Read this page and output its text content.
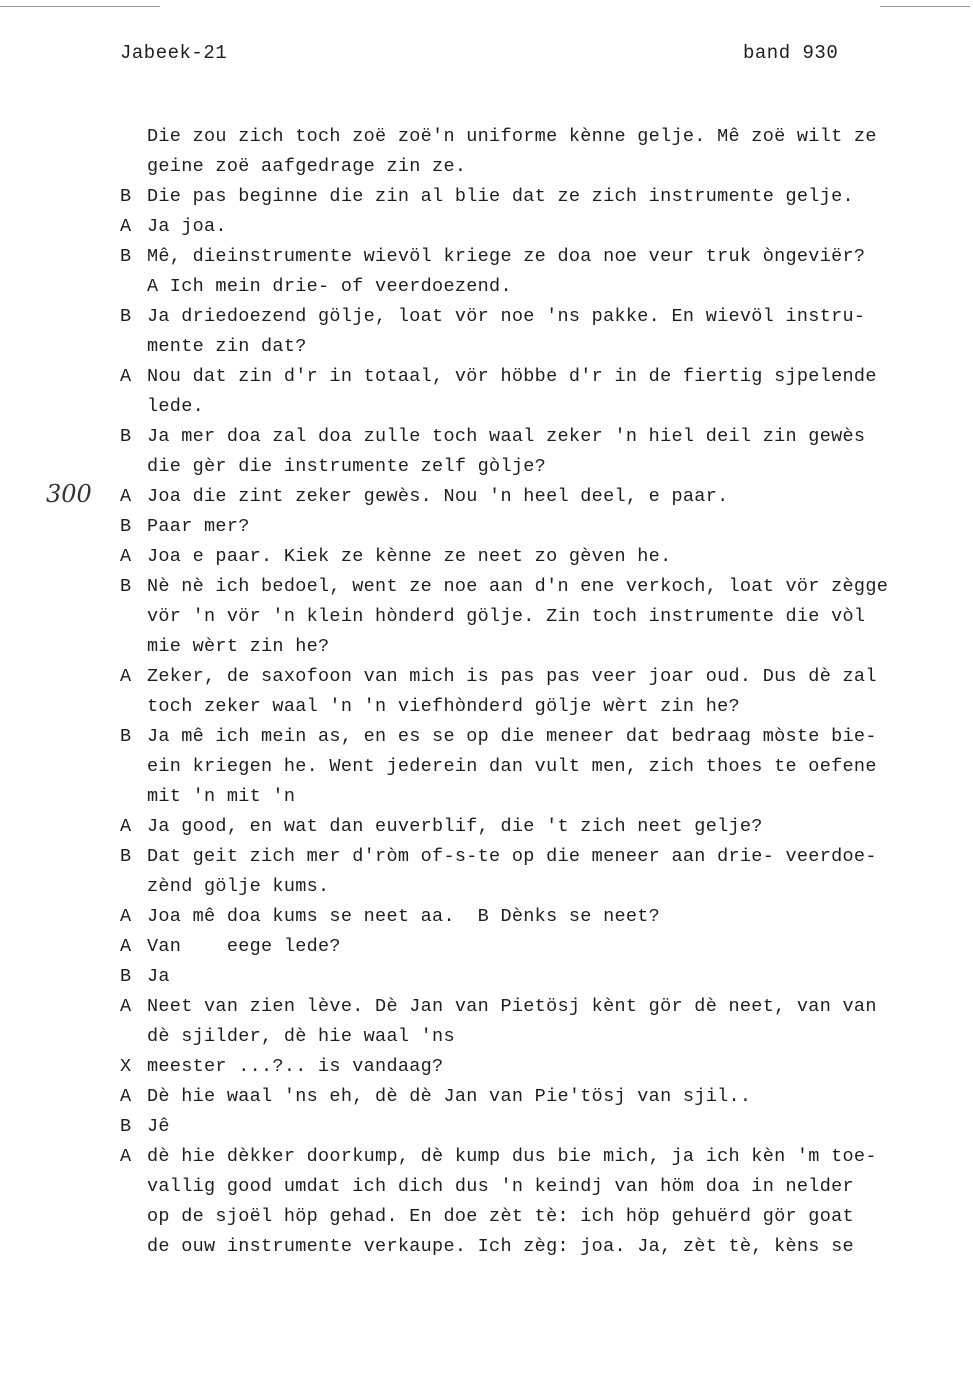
Jabeek-21	band 930
300
Die zou zich toch zoë zoë'n uniforme kènne gelje. Mê zoë wilt ze
geine zoë aafgedrage zin ze.
B Die pas beginne die zin al blie dat ze zich instrumente gelje.
A Ja joa.
B Mê, dieinstrumente wievöl kriege ze doa noe veur truk òngeviër?
A Ich mein drie- of veerdoezend.
B Ja driedoezend gölje, loat vör noe 'ns pakke. En wievöl instru-
mente zin dat?
A Nou dat zin d'r in totaal, vör höbbe d'r in de fiertig sjpelende
lede.
B Ja mer doa zal doa zulle toch waal zeker 'n hiel deil zin gewès
die gèr die instrumente zelf gòlje?
A Joa die zint zeker gewès. Nou 'n heel deel, e paar.
B Paar mer?
A Joa e paar. Kiek ze kènne ze neet zo gèven he.
B Nè nè ich bedoel, went ze noe aan d'n ene verkoch, loat vör zègge
vör 'n vör 'n klein hònderd gölje. Zin toch instrumente die vòl
mie wèrt zin he?
A Zeker, de saxofoon van mich is pas pas veer joar oud. Dus dè zal
toch zeker waal 'n 'n viefhònderd gölje wèrt zin he?
B Ja mê ich mein as, en es se op die meneer dat bedraag mòste bie-
ein kriegen he. Went jederein dan vult men, zich thoes te oefene
mit 'n mit 'n
A Ja good, en wat dan euverblif, die 't zich neet gelje?
B Dat geit zich mer d'ròm of-s-te op die meneer aan drie- veerdoe-
zènd gölje kums.
A Joa mê doa kums se neet aa.  B Dènks se neet?
A Van    eege lede?
B Ja
A Neet van zien lève. Dè Jan van Pietösj kènt gör dè neet, van van
dè sjilder, dè hie waal 'ns
X meester ...?.. is vandaag?
A Dè hie waal 'ns eh, dè dè Jan van Pie'tösj van sjil..
B Jê
A dè hie dèkker doorkump, dè kump dus bie mich, ja ich kèn 'm toe-
vallig good umdat ich dich dus 'n keindj van höm doa in nelder
op de sjoël höp gehad. En doe zèt tè: ich höp gehuërd gör goat
de ouw instrumente verkaupe. Ich zèg: joa. Ja, zèt tè, kèns se
